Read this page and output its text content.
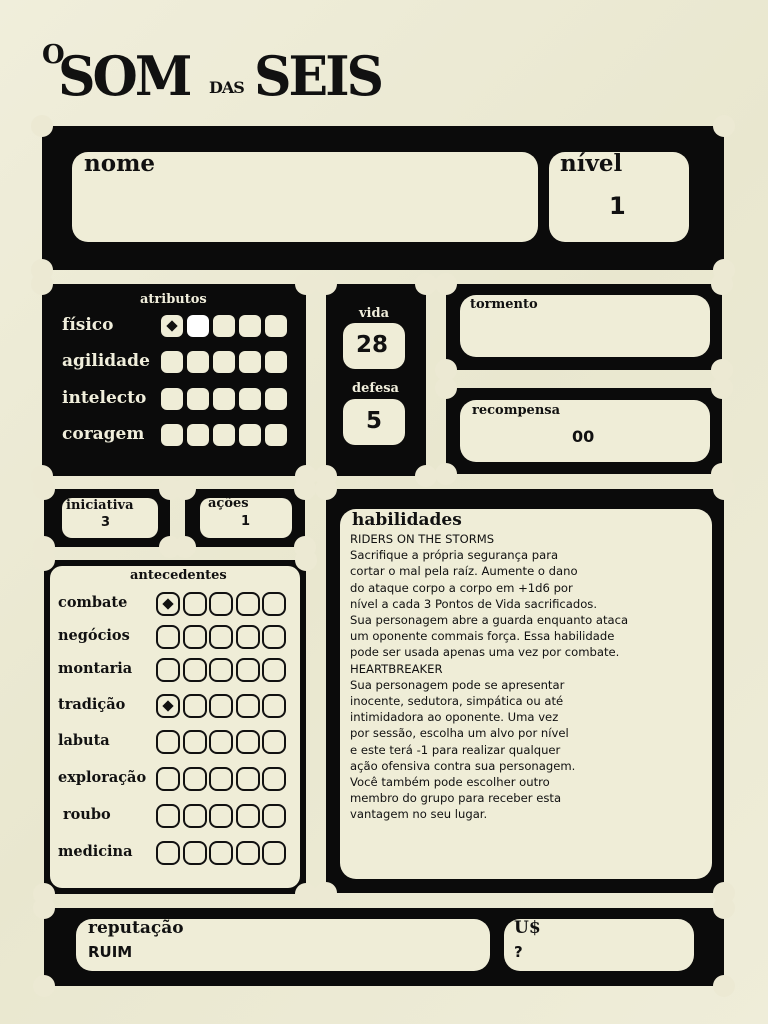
O
SOM DAS SEIS
nome	nível
1
atributos
físico
agilidade
intelecto
coragem
vida
28
defesa
5
tormento
recompensa
00
iniciativa
3
ações
1
antecedentes
combate
negócios
montaria
tradição
labuta
exploração
roubo
medicina
habilidades

RIDERS ON THE STORMS

Sacrifique a própria segurança para

cortar o mal pela raíz. Aumente o dano

do ataque corpo a corpo em +1d6 por

nível a cada 3 Pontos de Vida sacrificados.

Sua personagem abre a guarda enquanto ataca

um oponente commais força. Essa habilidade

pode ser usada apenas uma vez por combate.

HEARTBREAKER

Sua personagem pode se apresentar

inocente, sedutora, simpática ou até

intimidadora ao oponente. Uma vez

por sessão, escolha um alvo por nível

e este terá -1 para realizar qualquer

ação ofensiva contra sua personagem.

Você também pode escolher outro

membro do grupo para receber esta

vantagem no seu lugar.

reputação
RUIM
U$
?
